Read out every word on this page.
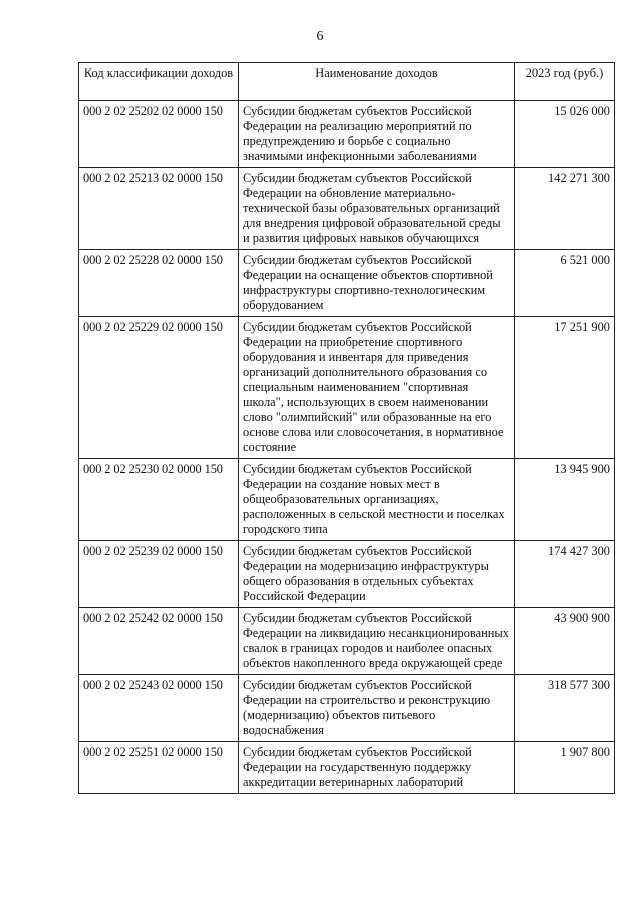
6
Код классификации доходов	Наименование доходов	2023 год (руб.)
000 2 02 25202 02 0000 150	Субсидии бюджетам субъектов Российской Федерации на реализацию мероприятий по предупреждению и борьбе с социально значимыми инфекционными заболеваниями	15 026 000
000 2 02 25213 02 0000 150	Субсидии бюджетам субъектов Российской Федерации на обновление материально-технической базы образовательных организаций для внедрения цифровой образовательной среды и развития цифровых навыков обучающихся	142 271 300
000 2 02 25228 02 0000 150	Субсидии бюджетам субъектов Российской Федерации на оснащение объектов спортивной инфраструктуры спортивно-технологическим оборудованием	6 521 000
000 2 02 25229 02 0000 150	Субсидии бюджетам субъектов Российской Федерации на приобретение спортивного оборудования и инвентаря для приведения организаций дополнительного образования со специальным наименованием "спортивная школа", использующих в своем наименовании слово "олимпийский" или образованные на его основе слова или словосочетания, в нормативное состояние	17 251 900
000 2 02 25230 02 0000 150	Субсидии бюджетам субъектов Российской Федерации на создание новых мест в общеобразовательных организациях, расположенных в сельской местности и поселках городского типа	13 945 900
000 2 02 25239 02 0000 150	Субсидии бюджетам субъектов Российской Федерации на модернизацию инфраструктуры общего образования в отдельных субъектах Российской Федерации	174 427 300
000 2 02 25242 02 0000 150	Субсидии бюджетам субъектов Российской Федерации на ликвидацию несанкционированных свалок в границах городов и наиболее опасных объектов накопленного вреда окружающей среде	43 900 900
000 2 02 25243 02 0000 150	Субсидии бюджетам субъектов Российской Федерации на строительство и реконструкцию (модернизацию) объектов питьевого водоснабжения	318 577 300
000 2 02 25251 02 0000 150	Субсидии бюджетам субъектов Российской Федерации на государственную поддержку аккредитации ветеринарных лабораторий	1 907 800
